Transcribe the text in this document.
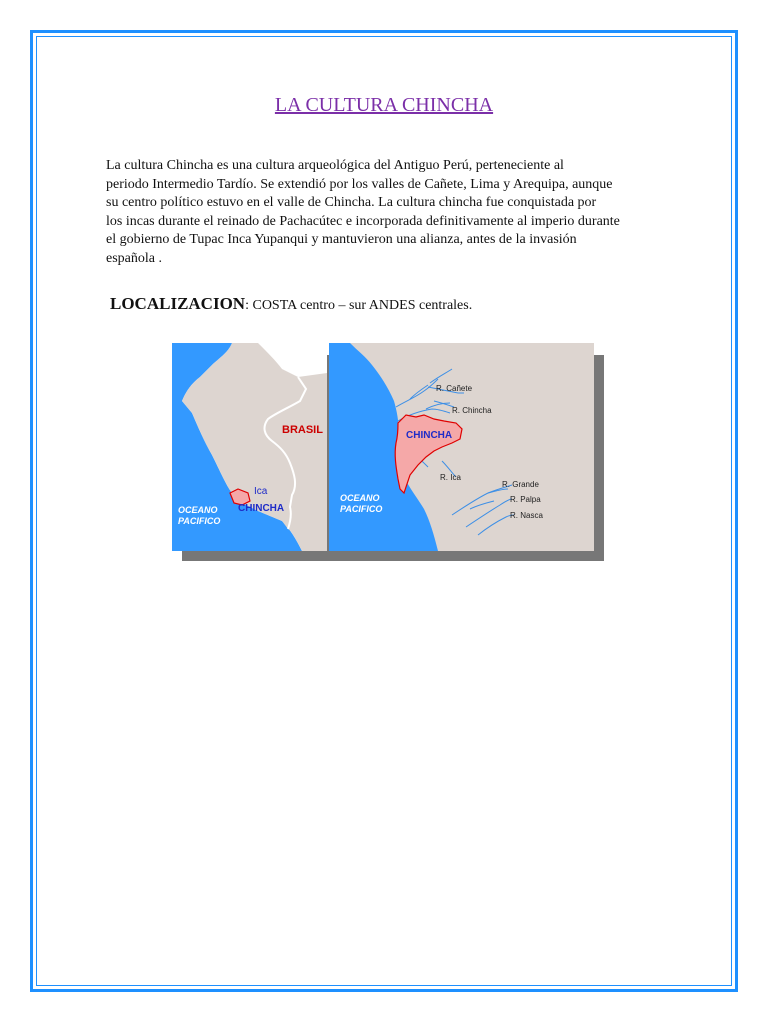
LA CULTURA CHINCHA
La cultura Chincha es una cultura arqueológica del Antiguo Perú, perteneciente al
periodo Intermedio Tardío. Se extendió por los valles de Cañete, Lima y Arequipa, aunque
su centro político estuvo en el valle de Chincha. La cultura chincha fue conquistada por
los incas durante el reinado de Pachacútec e incorporada definitivamente al imperio durante
el gobierno de Tupac Inca Yupanqui y mantuvieron una alianza, antes de la invasión
española .
LOCALIZACION: COSTA centro – sur ANDES centrales.
BRASIL
Ica
CHINCHA
OCEANO
PACIFICO
CHINCHA
R. Cañete
R. Chincha
R. Ica
R. Grande
R. Palpa
R. Nasca
OCEANO
PACIFICO
